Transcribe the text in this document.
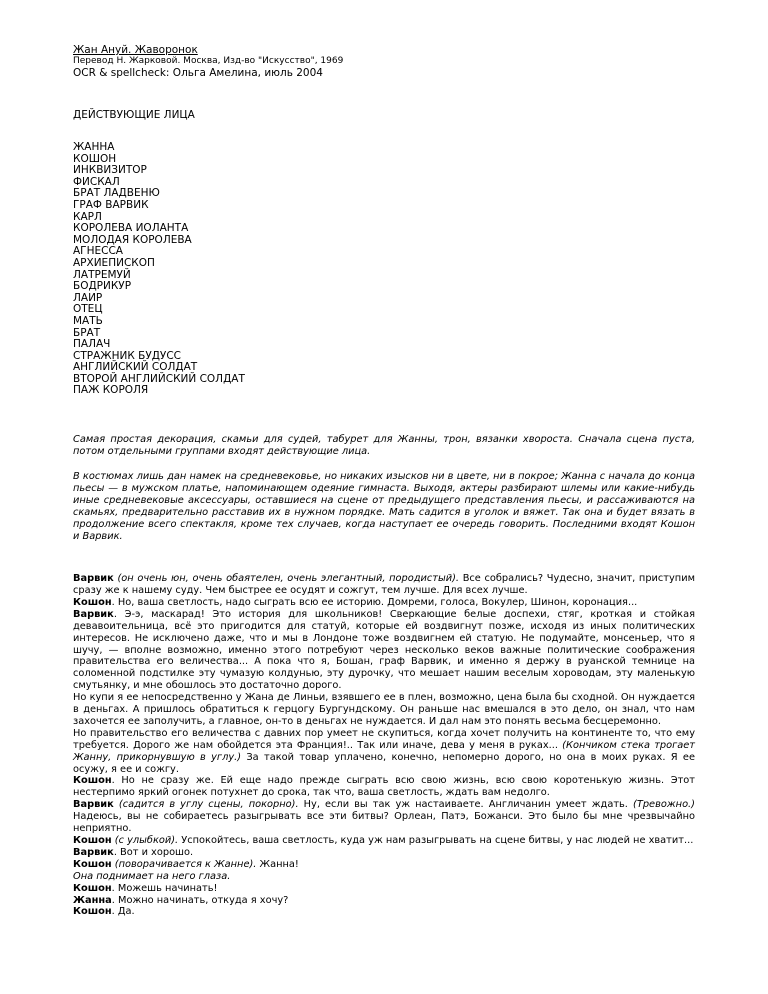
Жан Ануй. Жаворонок
Перевод Н. Жарковой. Москва, Изд-во "Искусство", 1969
OCR & spellcheck: Ольга Амелина, июль 2004
ДЕЙСТВУЮЩИЕ ЛИЦА
ЖАННА
КОШОН
ИНКВИЗИТОР
ФИСКАЛ
БРАТ ЛАДВЕНЮ
ГРАФ ВАРВИК
КАРЛ
КОРОЛЕВА ИОЛАНТА
МОЛОДАЯ КОРОЛЕВА
АГНЕССА
АРХИЕПИСКОП
ЛАТРЕМУЙ
БОДРИКУР
ЛАИР
ОТЕЦ
МАТЬ
БРАТ
ПАЛАЧ
СТРАЖНИК БУДУСС
АНГЛИЙСКИЙ СОЛДАТ
ВТОРОЙ АНГЛИЙСКИЙ СОЛДАТ
ПАЖ КОРОЛЯ

Самая простая декорация, скамьи для судей, табурет для Жанны, трон, вязанки хвороста. Сначала сцена пуста, потом отдельными группами входят действующие лица.

В костюмах лишь дан намек на средневековье, но никаких изысков ни в цвете, ни в покрое; Жанна с начала до конца пьесы — в мужском платье, напоминающем одеяние гимнаста. Выходя, актеры разбирают шлемы или какие-нибудь иные средневековые аксессуары, оставшиеся на сцене от предыдущего представления пьесы, и рассаживаются на скамьях, предварительно расставив их в нужном порядке. Мать садится в уголок и вяжет. Так она и будет вязать в продолжение всего спектакля, кроме тех случаев, когда наступает ее очередь говорить. Последними входят Кошон и Варвик.

Варвик (он очень юн, очень обаятелен, очень элегантный, породистый). Все собрались? Чудесно, значит, приступим сразу же к нашему суду. Чем быстрее ее осудят и сожгут, тем лучше. Для всех лучше.

Кошон. Но, ваша светлость, надо сыграть всю ее историю. Домреми, голоса, Вокулер, Шинон, коронация...

Варвик. Э-э, маскарад! Это история для школьников! Сверкающие белые доспехи, стяг, кроткая и стойкая девавоительница, всё это пригодится для статуй, которые ей воздвигнут позже, исходя из иных политических интересов. Не исключено даже, что и мы в Лондоне тоже воздвигнем ей статую. Не подумайте, монсеньер, что я шучу, — вполне возможно, именно этого потребуют через несколько веков важные политические соображения правительства его величества... А пока что я, Бошан, граф Варвик, и именно я держу в руанской темнице на соломенной подстилке эту чумазую колдунью, эту дурочку, что мешает нашим веселым хороводам, эту маленькую смутьянку, и мне обошлось это достаточно дорого.

Но купи я ее непосредственно у Жана де Линьи, взявшего ее в плен, возможно, цена была бы сходной. Он нуждается в деньгах. А пришлось обратиться к герцогу Бургундскому. Он раньше нас вмешался в это дело, он знал, что нам захочется ее заполучить, а главное, он-то в деньгах не нуждается. И дал нам это понять весьма бесцеремонно.

Но правительство его величества с давних пор умеет не скупиться, когда хочет получить на континенте то, что ему требуется. Дорого же нам обойдется эта Франция!.. Так или иначе, дева у меня в руках... (Кончиком стека трогает Жанну, прикорнувшую в углу.) За такой товар уплачено, конечно, непомерно дорого, но она в моих руках. Я ее осужу, я ее и сожгу.

Кошон. Но не сразу же. Ей еще надо прежде сыграть всю свою жизнь, всю свою коротенькую жизнь. Этот нестерпимо яркий огонек потухнет до срока, так что, ваша светлость, ждать вам недолго.

Варвик (садится в углу сцены, покорно). Ну, если вы так уж настаиваете. Англичанин умеет ждать. (Тревожно.) Надеюсь, вы не собираетесь разыгрывать все эти битвы? Орлеан, Патэ, Божанси. Это было бы мне чрезвычайно неприятно.

Кошон (с улыбкой). Успокойтесь, ваша светлость, куда уж нам разыгрывать на сцене битвы, у нас людей не хватит...

Варвик. Вот и хорошо.

Кошон (поворачивается к Жанне). Жанна!

Она поднимает на него глаза.

Кошон. Можешь начинать!

Жанна. Можно начинать, откуда я хочу?

Кошон. Да.
